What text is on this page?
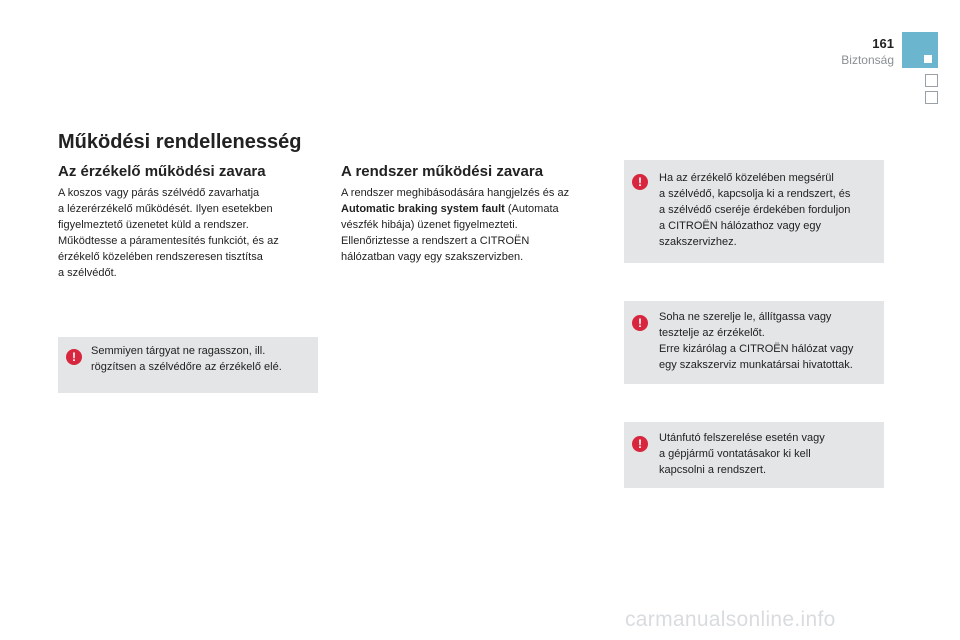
161
Biztonság
Működési rendellenesség
Az érzékelő működési zavara
A koszos vagy párás szélvédő zavarhatja
a lézerérzékelő működését. Ilyen esetekben
figyelmeztető üzenetet küld a rendszer.
Működtesse a páramentesítés funkciót, és az
érzékelő közelében rendszeresen tisztítsa
a szélvédőt.
!	Semmiyen tárgyat ne ragasszon, ill.
rögzítsen a szélvédőre az érzékelő elé.
A rendszer működési zavara
A rendszer meghibásodására hangjelzés és az
Automatic braking system fault (Automata
vészfék hibája) üzenet figyelmezteti.
Ellenőriztesse a rendszert a CITROËN
hálózatban vagy egy szakszervizben.
!	Ha az érzékelő közelében megsérül
a szélvédő, kapcsolja ki a rendszert, és
a szélvédő cseréje érdekében forduljon
a CITROËN hálózathoz vagy egy
szakszervizhez.
!	Soha ne szerelje le, állítgassa vagy
tesztelje az érzékelőt.
Erre kizárólag a CITROËN hálózat vagy
egy szakszerviz munkatársai hivatottak.
!	Utánfutó felszerelése esetén vagy
a gépjármű vontatásakor ki kell
kapcsolni a rendszert.
carmanualsonline.info
